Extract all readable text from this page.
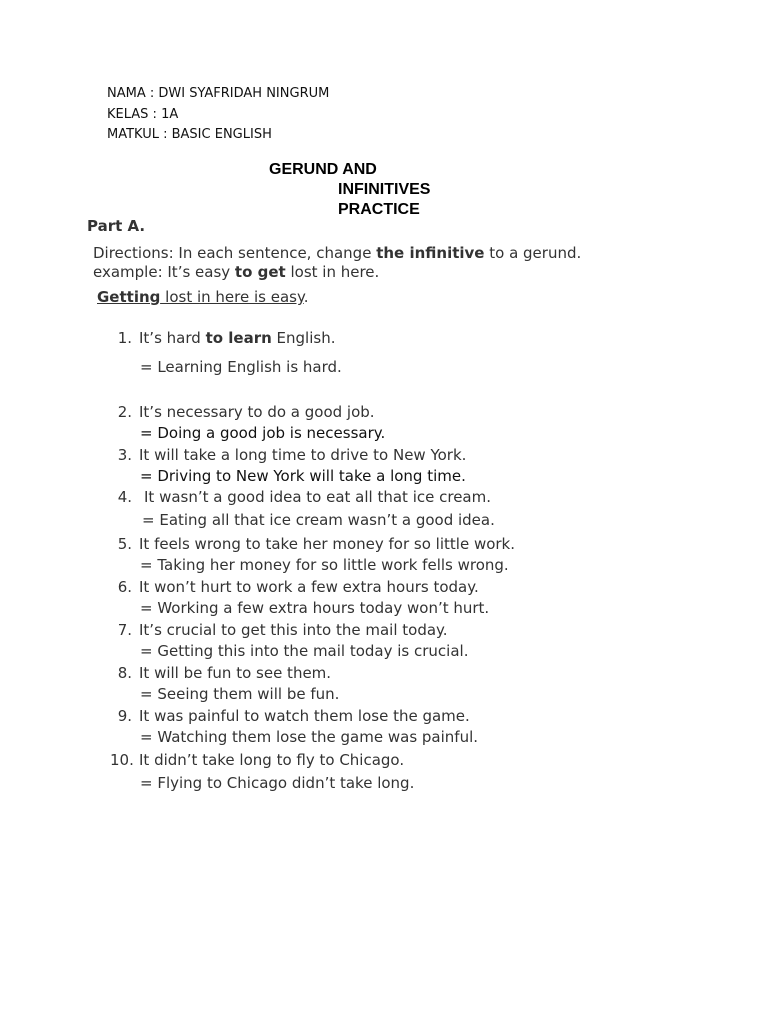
NAMA : DWI SYAFRIDAH NINGRUM
KELAS : 1A
MATKUL : BASIC ENGLISH
GERUND AND
INFINITIVES
PRACTICE
Part A.
Directions: In each sentence, change the infinitive to a gerund.
example: It’s easy to get lost in here.
Getting lost in here is easy.
1. It’s hard to learn English.
= Learning English is hard.
2. It’s necessary to do a good job.
= Doing a good job is necessary.
3. It will take a long time to drive to New York.
= Driving to New York will take a long time.
4. It wasn’t a good idea to eat all that ice cream.
= Eating all that ice cream wasn’t a good idea.
5. It feels wrong to take her money for so little work.
= Taking her money for so little work fells wrong.
6. It won’t hurt to work a few extra hours today.
= Working a few extra hours today won’t hurt.
7. It’s crucial to get this into the mail today.
= Getting this into the mail today is crucial.
8. It will be fun to see them.
= Seeing them will be fun.
9. It was painful to watch them lose the game.
= Watching them lose the game was painful.
10. It didn’t take long to fly to Chicago.
= Flying to Chicago didn’t take long.
